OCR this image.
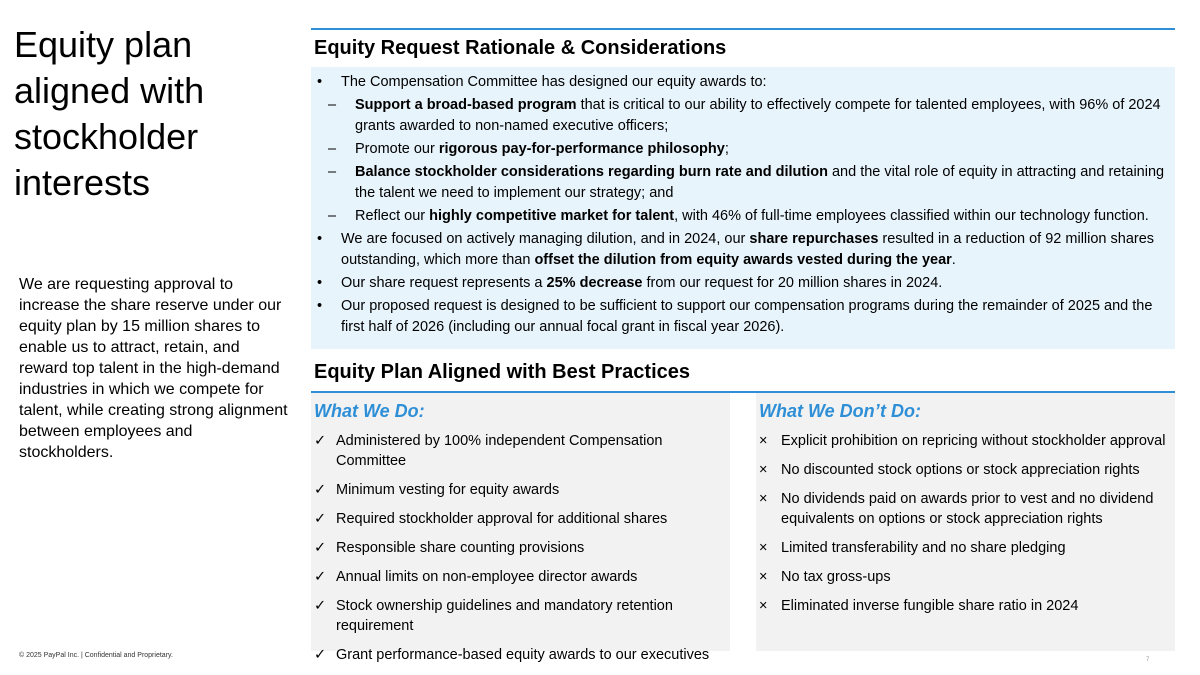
Equity plan aligned with stockholder interests
We are requesting approval to increase the share reserve under our equity plan by 15 million shares to enable us to attract, retain, and reward top talent in the high-demand industries in which we compete for talent, while creating strong alignment between employees and stockholders.
Equity Request Rationale & Considerations
• The Compensation Committee has designed our equity awards to:
– Support a broad-based program that is critical to our ability to effectively compete for talented employees, with 96% of 2024 grants awarded to non-named executive officers;
– Promote our rigorous pay-for-performance philosophy;
– Balance stockholder considerations regarding burn rate and dilution and the vital role of equity in attracting and retaining the talent we need to implement our strategy; and
– Reflect our highly competitive market for talent, with 46% of full-time employees classified within our technology function.
• We are focused on actively managing dilution, and in 2024, our share repurchases resulted in a reduction of 92 million shares outstanding, which more than offset the dilution from equity awards vested during the year.
• Our share request represents a 25% decrease from our request for 20 million shares in 2024.
• Our proposed request is designed to be sufficient to support our compensation programs during the remainder of 2025 and the first half of 2026 (including our annual focal grant in fiscal year 2026).
Equity Plan Aligned with Best Practices
What We Do:
✓ Administered by 100% independent Compensation Committee
✓ Minimum vesting for equity awards
✓ Required stockholder approval for additional shares
✓ Responsible share counting provisions
✓ Annual limits on non-employee director awards
✓ Stock ownership guidelines and mandatory retention requirement
✓ Grant performance-based equity awards to our executives
What We Don’t Do:
× Explicit prohibition on repricing without stockholder approval
× No discounted stock options or stock appreciation rights
× No dividends paid on awards prior to vest and no dividend equivalents on options or stock appreciation rights
× Limited transferability and no share pledging
× No tax gross-ups
× Eliminated inverse fungible share ratio in 2024
© 2025 PayPal Inc. | Confidential and Proprietary.
7
